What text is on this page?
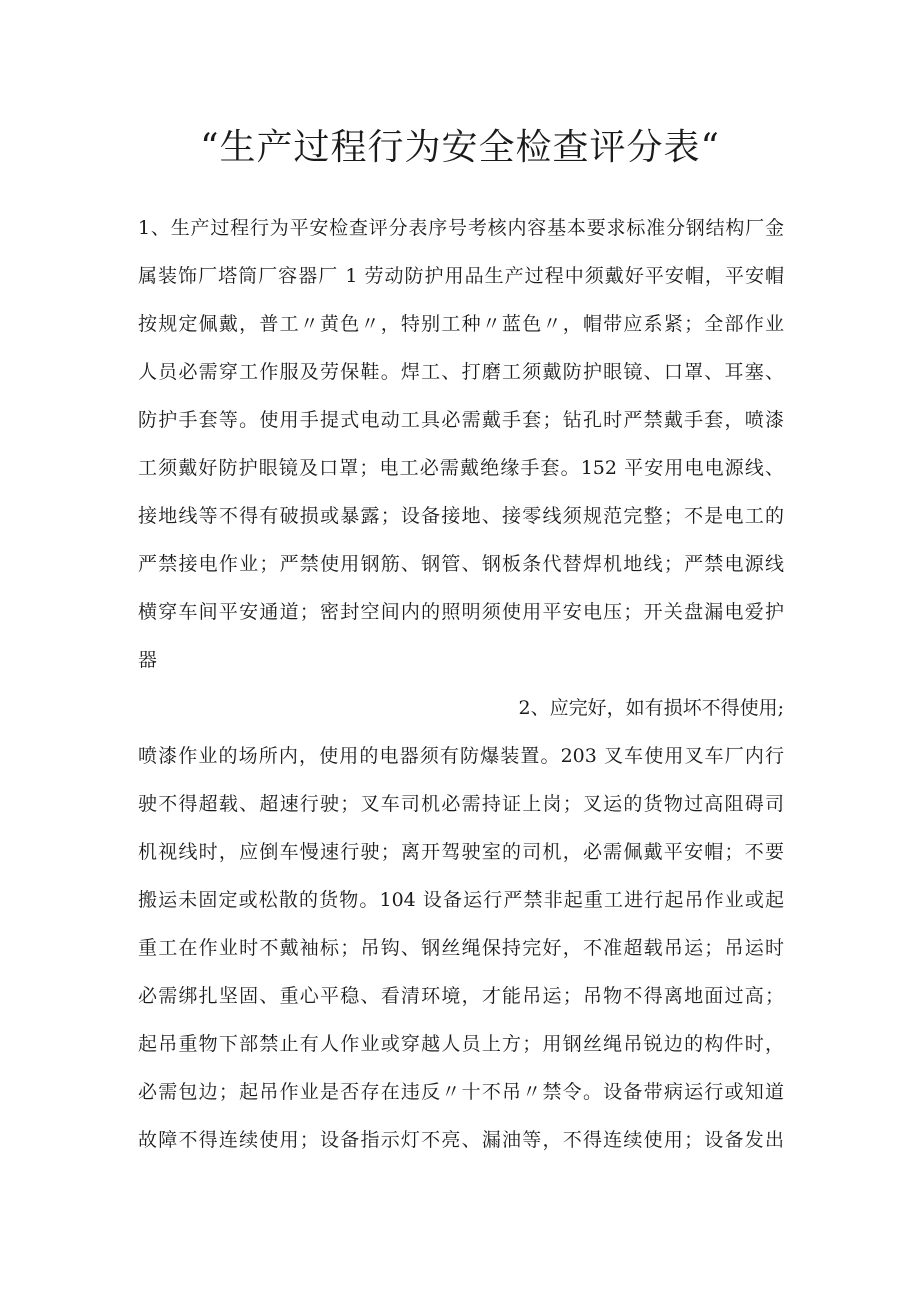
“生产过程行为安全检查评分表“
1、生产过程行为平安检查评分表序号考核内容基本要求标准分钢结构厂金
属装饰厂塔筒厂容器厂 1 劳动防护用品生产过程中须戴好平安帽，平安帽
按规定佩戴，普工〃黄色〃，特别工种〃蓝色〃，帽带应系紧；全部作业
人员必需穿工作服及劳保鞋。焊工、打磨工须戴防护眼镜、口罩、耳塞、
防护手套等。使用手提式电动工具必需戴手套；钻孔时严禁戴手套，喷漆
工须戴好防护眼镜及口罩；电工必需戴绝缘手套。152 平安用电电源线、
接地线等不得有破损或暴露；设备接地、接零线须规范完整；不是电工的
严禁接电作业；严禁使用钢筋、钢管、钢板条代替焊机地线；严禁电源线
横穿车间平安通道；密封空间内的照明须使用平安电压；开关盘漏电爱护
器
2、应完好，如有损坏不得使用;
喷漆作业的场所内，使用的电器须有防爆装置。203 叉车使用叉车厂内行
驶不得超载、超速行驶；叉车司机必需持证上岗；叉运的货物过高阻碍司
机视线时，应倒车慢速行驶；离开驾驶室的司机，必需佩戴平安帽；不要
搬运未固定或松散的货物。104 设备运行严禁非起重工进行起吊作业或起
重工在作业时不戴袖标；吊钩、钢丝绳保持完好，不准超载吊运；吊运时
必需绑扎坚固、重心平稳、看清环境，才能吊运；吊物不得离地面过高；
起吊重物下部禁止有人作业或穿越人员上方；用钢丝绳吊锐边的构件时，
必需包边；起吊作业是否存在违反〃十不吊〃禁令。设备带病运行或知道
故障不得连续使用；设备指示灯不亮、漏油等，不得连续使用；设备发出
